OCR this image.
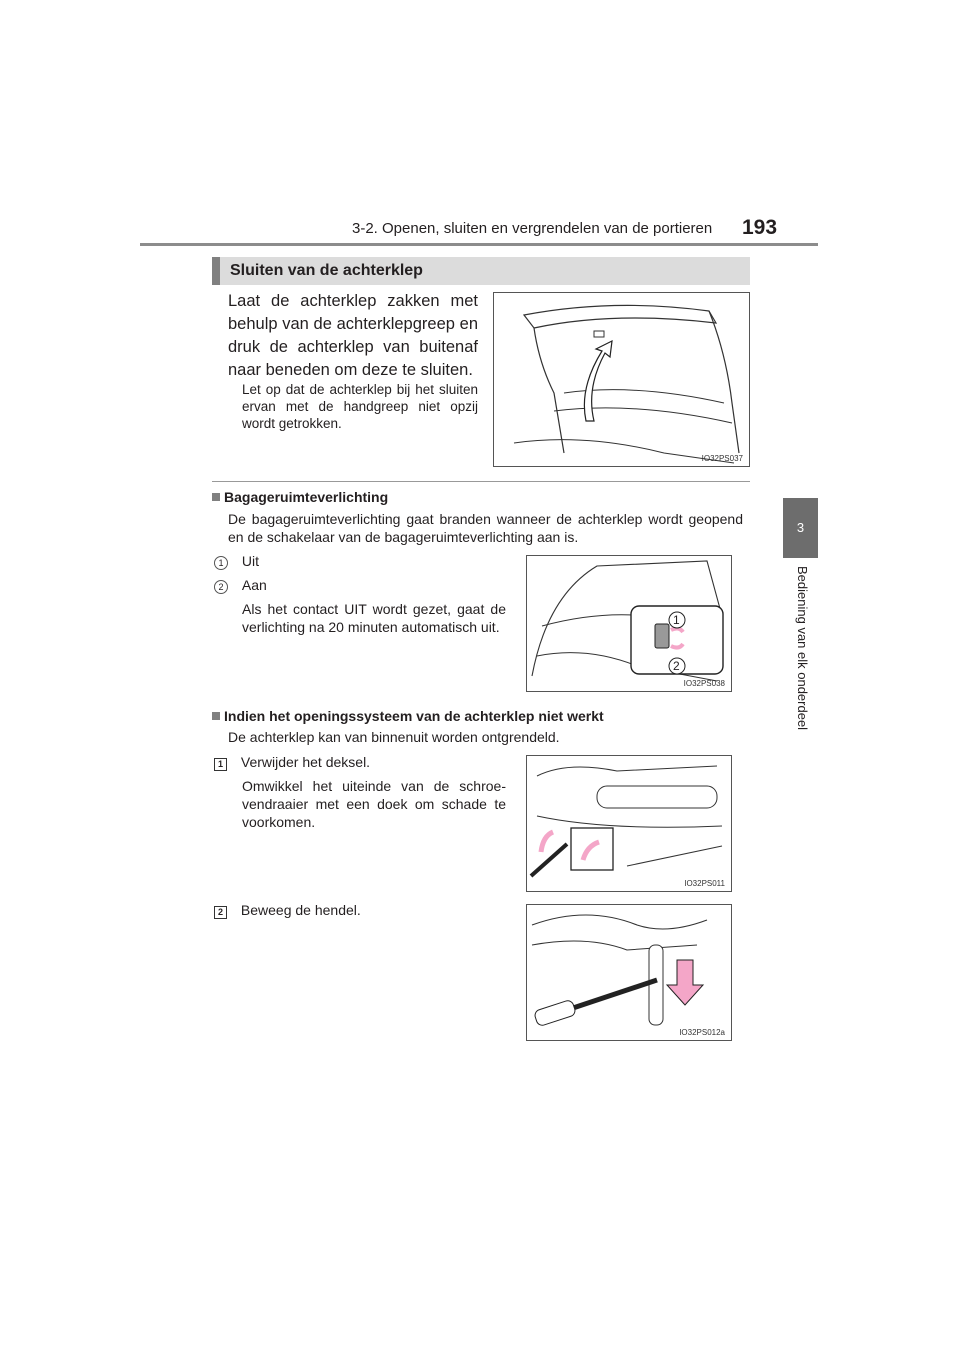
3-2. Openen, sluiten en vergrendelen van de portieren 193
3
Bediening van elk onderdeel
Sluiten van de achterklep
Laat de achterklep zakken met behulp van de achterklepgreep en druk de achterklep van buitenaf naar beneden om deze te sluiten.
Let op dat de achterklep bij het sluiten ervan met de handgreep niet opzij wordt getrokken.
IO32PS037
Bagageruimteverlichting
De bagageruimteverlichting gaat branden wanneer de achterklep wordt geopend en de schakelaar van de bagageruimteverlichting aan is.
1 Uit
2 Aan
Als het contact UIT wordt gezet, gaat de verlichting na 20 minuten automatisch uit.	1
2
IO32PS038
Indien het openingssysteem van de achterklep niet werkt
De achterklep kan van binnenuit worden ontgrendeld.
1 Verwijder het deksel.
Omwikkel het uiteinde van de schroe-vendraaier met een doek om schade te voorkomen.
IO32PS011
2 Beweeg de hendel.
IO32PS012a
